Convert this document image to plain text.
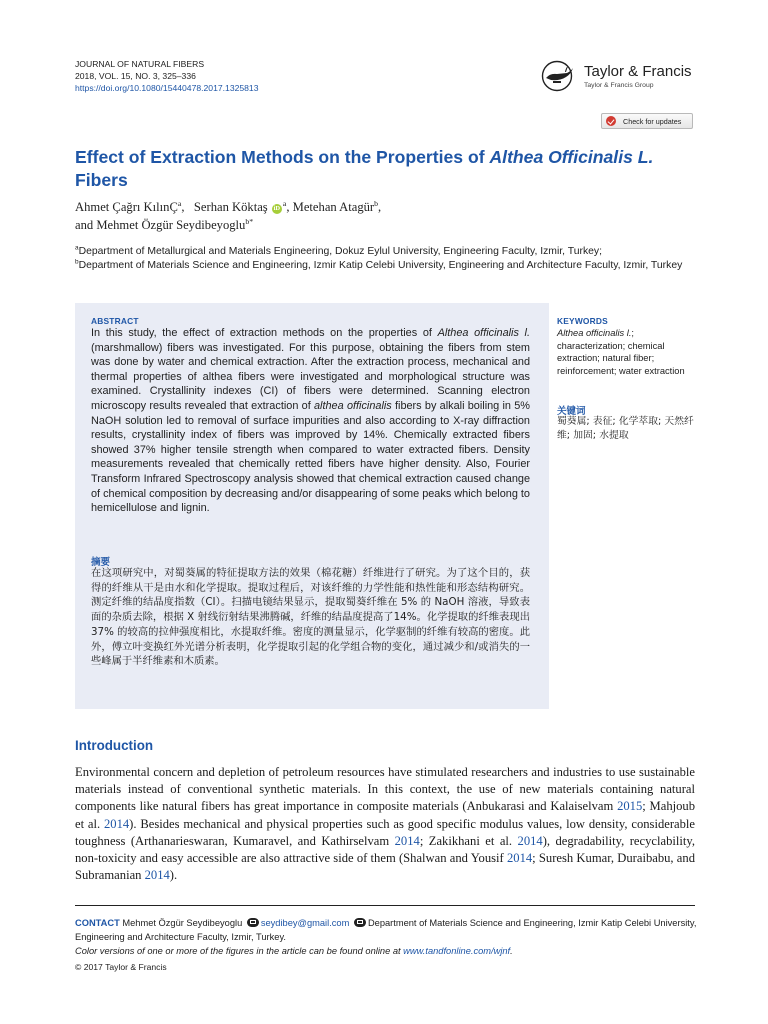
JOURNAL OF NATURAL FIBERS
2018, VOL. 15, NO. 3, 325–336
https://doi.org/10.1080/15440478.2017.1325813
Taylor & Francis
Taylor & Francis Group
Check for updates
Effect of Extraction Methods on the Properties of Althea Officinalis L. Fibers
Ahmet Çağrı KılınÇ$^a$,   Serhan Köktaş $iD^a$, Metehan Atagür$^b$,
and Mehmet Özgür Seydibeyoglu$^{b*}$
$^a$Department of Metallurgical and Materials Engineering, Dokuz Eylul University, Engineering Faculty, Izmir, Turkey;
$^b$Department of Materials Science and Engineering, Izmir Katip Celebi University, Engineering and Architecture Faculty, Izmir, Turkey
ABSTRACT
In this study, the effect of extraction methods on the properties of Althea officinalis l. (marshmallow) fibers was investigated. For this purpose, obtaining the fibers from stem was done by water and chemical extraction. After the extraction process, mechanical and thermal properties of althea fibers were investigated and morphological structure was examined. Crystallinity indexes (CI) of fibers were determined. Scanning electron microscopy results revealed that extraction of althea officinalis fibers by alkali boiling in 5% NaOH solution led to removal of surface impurities and also according to X-ray diffraction results, crystallinity index of fibers was improved by 14%. Chemically extracted fibers showed 37% higher tensile strength when compared to water extracted fibers. Density measurements revealed that chemically retted fibers have higher density. Also, Fourier Transform Infrared Spectroscopy analysis showed that chemical extraction caused change of chemical composition by decreasing and/or disappearing of some peaks which belong to hemicellulose and lignin.
摘要
在这项研究中，对蜀葵属的特征提取方法的效果（棉花糖）纤维进行了研究。为了这个目的，获得的纤维从干是由水和化学提取。提取过程后，对该纤维的力学性能和热性能和形态结构研究。测定纤维的结晶度指数（CI）。扫描电镜结果显示，提取蜀葵纤维在 5% 的 NaOH 溶液，导致表面的杂质去除，根据 X 射线衍射结果沸腾碱，纤维的结晶度提高了14%。化学提取的纤维表现出 37% 的较高的拉伸强度相比，水提取纤维。密度的测量显示，化学驱制的纤维有较高的密度。此外，傅立叶变换红外光谱分析表明，化学提取引起的化学组合物的变化，通过减少和/或消失的一些峰属于半纤维素和木质素。
KEYWORDS
Althea officinalis l.; characterization; chemical extraction; natural fiber; reinforcement; water extraction
关键词
蜀葵属; 表征; 化学萃取; 天然纤维; 加固; 水提取
Introduction
Environmental concern and depletion of petroleum resources have stimulated researchers and industries to use sustainable materials instead of conventional synthetic materials. In this context, the use of new materials containing natural components like natural fibers has great importance in composite materials (Anbukarasi and Kalaiselvam 2015; Mahjoub et al. 2014). Besides mechanical and physical properties such as good specific modulus values, low density, considerable toughness (Arthanarieswaran, Kumaravel, and Kathirselvam 2014; Zakikhani et al. 2014), degradability, recyclability, non-toxicity and easy accessible are also attractive side of them (Shalwan and Yousif 2014; Suresh Kumar, Duraibabu, and Subramanian 2014).
CONTACT Mehmet Özgür Seydibeyoglu seydibey@gmail.com Department of Materials Science and Engineering, Izmir Katip Celebi University, Engineering and Architecture Faculty, Izmir, Turkey.
Color versions of one or more of the figures in the article can be found online at www.tandfonline.com/wjnf.
© 2017 Taylor & Francis
